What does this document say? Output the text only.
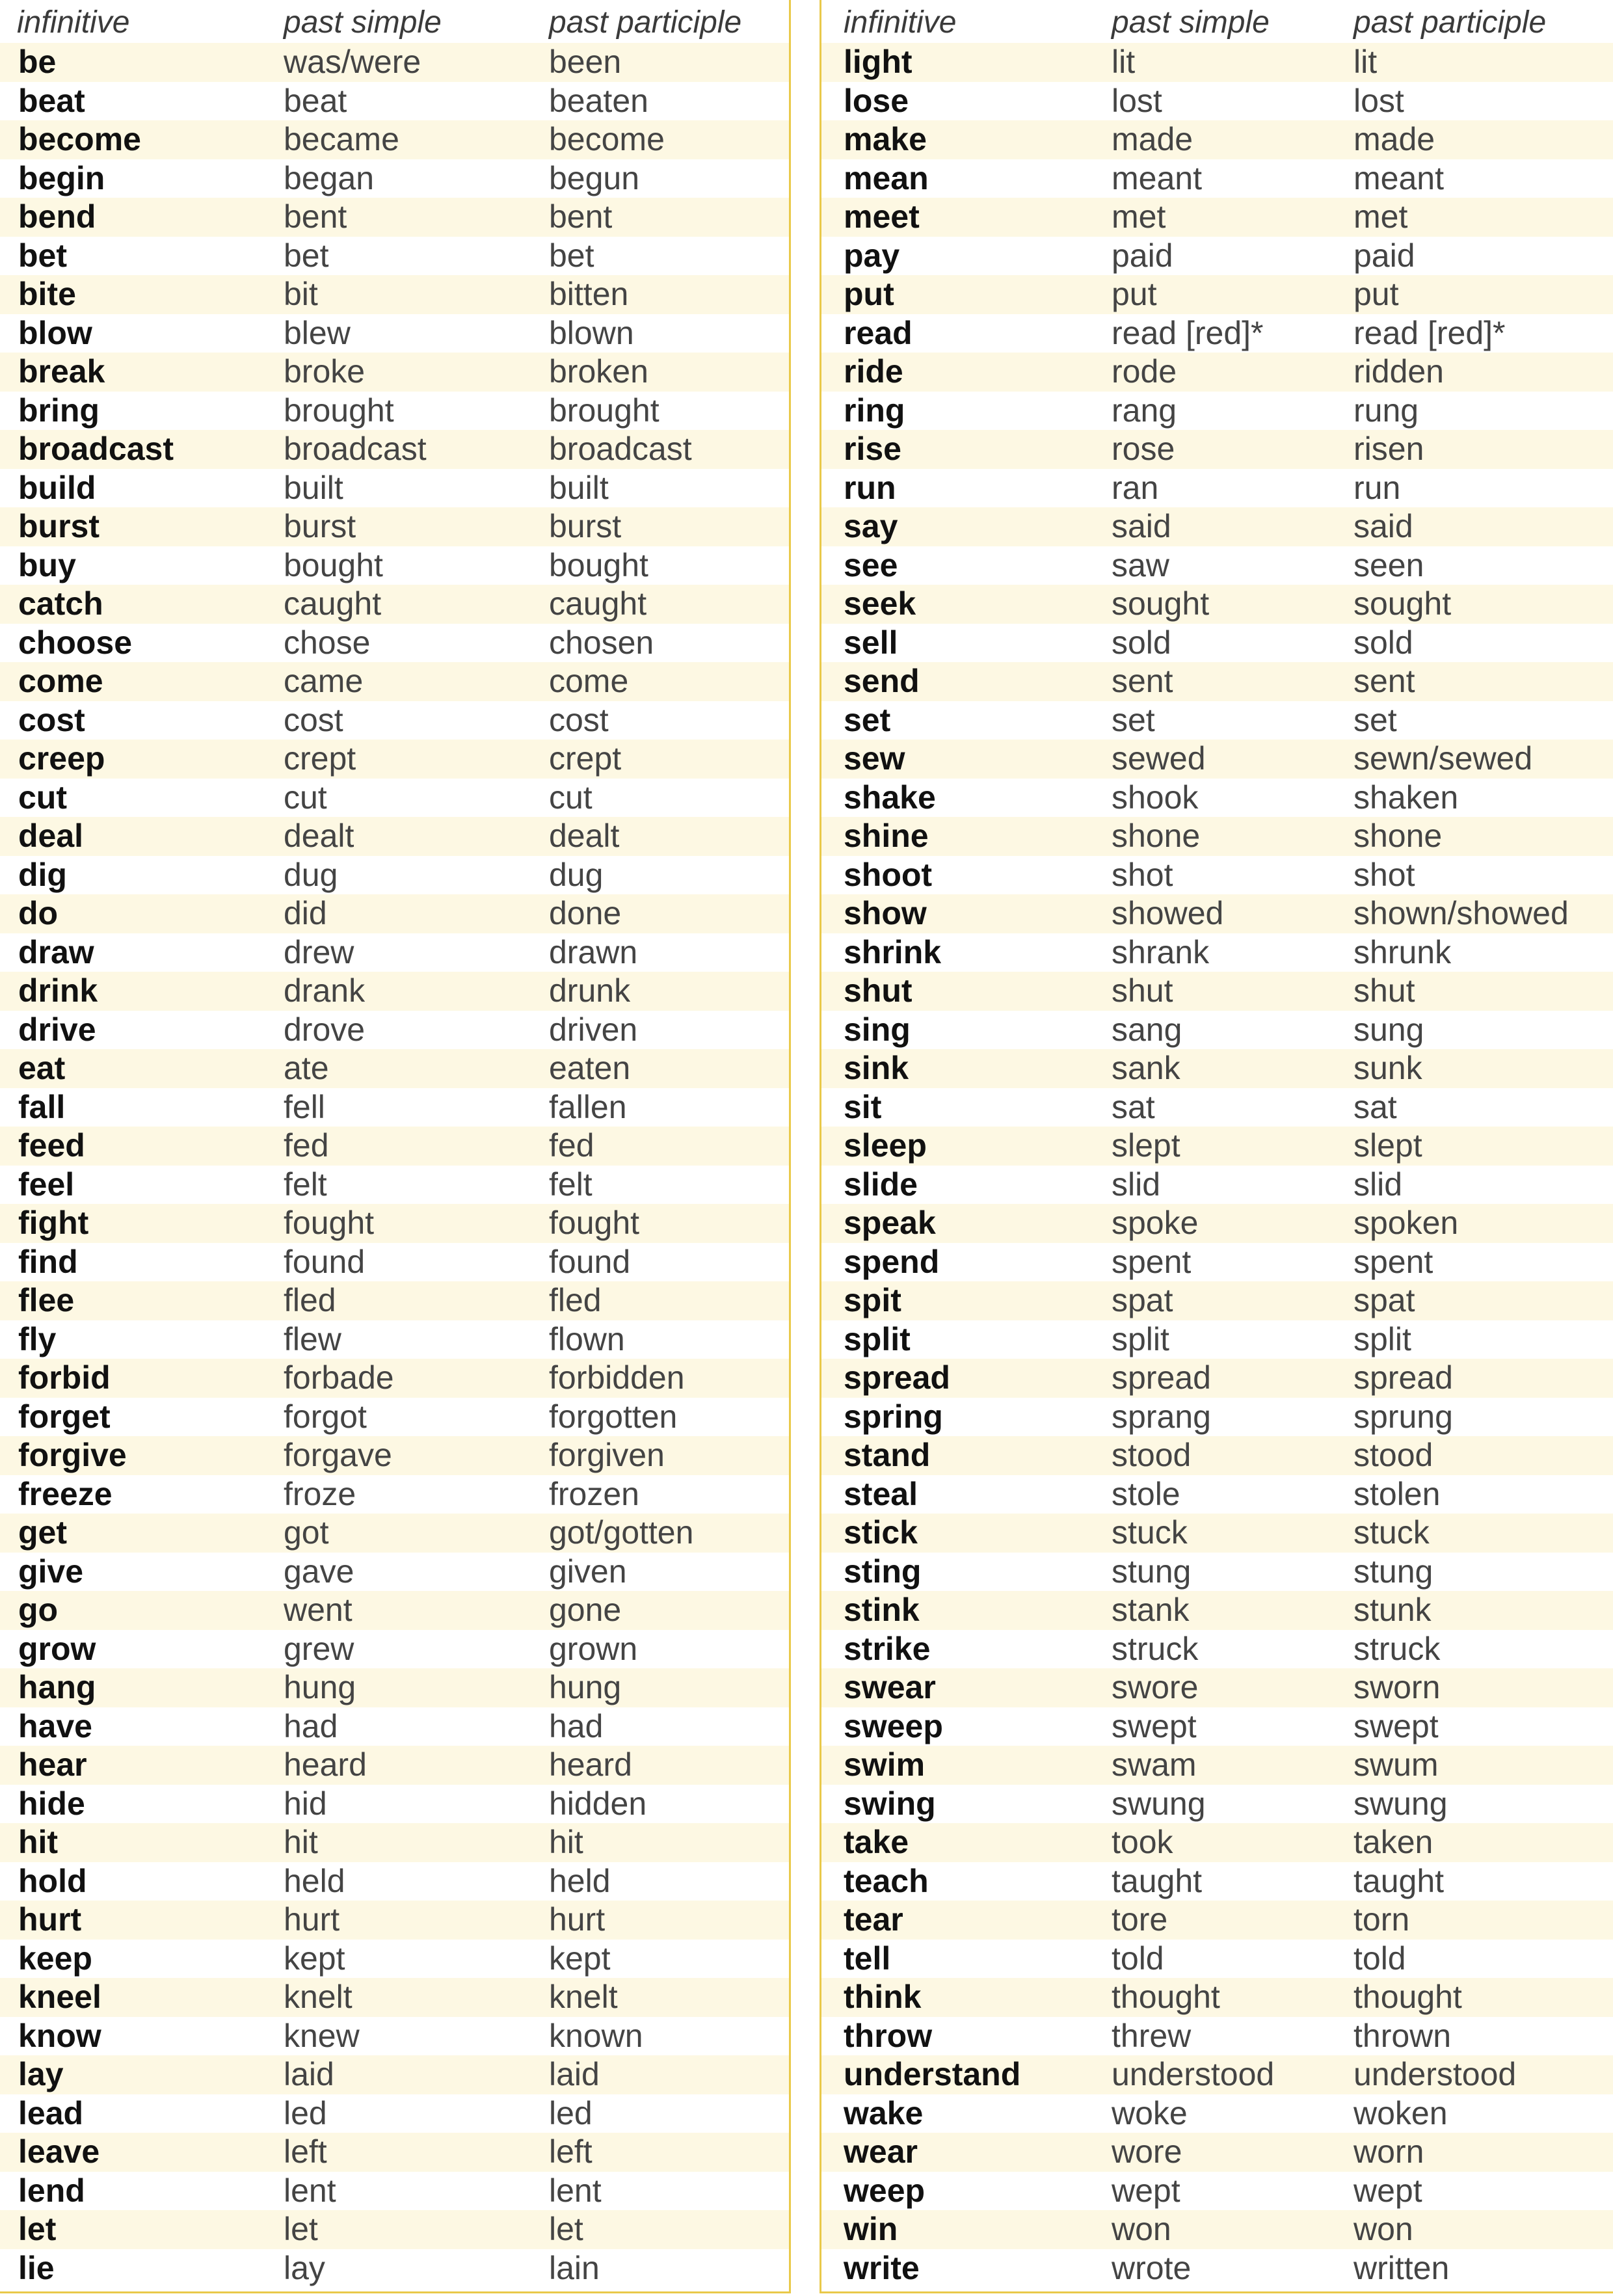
infinitive	past simple	past participle
be	was/were	been
beat	beat	beaten
become	became	become
begin	began	begun
bend	bent	bent
bet	bet	bet
bite	bit	bitten
blow	blew	blown
break	broke	broken
bring	brought	brought
broadcast	broadcast	broadcast
build	built	built
burst	burst	burst
buy	bought	bought
catch	caught	caught
choose	chose	chosen
come	came	come
cost	cost	cost
creep	crept	crept
cut	cut	cut
deal	dealt	dealt
dig	dug	dug
do	did	done
draw	drew	drawn
drink	drank	drunk
drive	drove	driven
eat	ate	eaten
fall	fell	fallen
feed	fed	fed
feel	felt	felt
fight	fought	fought
find	found	found
flee	fled	fled
fly	flew	flown
forbid	forbade	forbidden
forget	forgot	forgotten
forgive	forgave	forgiven
freeze	froze	frozen
get	got	got/gotten
give	gave	given
go	went	gone
grow	grew	grown
hang	hung	hung
have	had	had
hear	heard	heard
hide	hid	hidden
hit	hit	hit
hold	held	held
hurt	hurt	hurt
keep	kept	kept
kneel	knelt	knelt
know	knew	known
lay	laid	laid
lead	led	led
leave	left	left
lend	lent	lent
let	let	let
lie	lay	lain
infinitive	past simple	past participle
light	lit	lit
lose	lost	lost
make	made	made
mean	meant	meant
meet	met	met
pay	paid	paid
put	put	put
read	read [red]*	read [red]*
ride	rode	ridden
ring	rang	rung
rise	rose	risen
run	ran	run
say	said	said
see	saw	seen
seek	sought	sought
sell	sold	sold
send	sent	sent
set	set	set
sew	sewed	sewn/sewed
shake	shook	shaken
shine	shone	shone
shoot	shot	shot
show	showed	shown/showed
shrink	shrank	shrunk
shut	shut	shut
sing	sang	sung
sink	sank	sunk
sit	sat	sat
sleep	slept	slept
slide	slid	slid
speak	spoke	spoken
spend	spent	spent
spit	spat	spat
split	split	split
spread	spread	spread
spring	sprang	sprung
stand	stood	stood
steal	stole	stolen
stick	stuck	stuck
sting	stung	stung
stink	stank	stunk
strike	struck	struck
swear	swore	sworn
sweep	swept	swept
swim	swam	swum
swing	swung	swung
take	took	taken
teach	taught	taught
tear	tore	torn
tell	told	told
think	thought	thought
throw	threw	thrown
understand	understood	understood
wake	woke	woken
wear	wore	worn
weep	wept	wept
win	won	won
write	wrote	written
